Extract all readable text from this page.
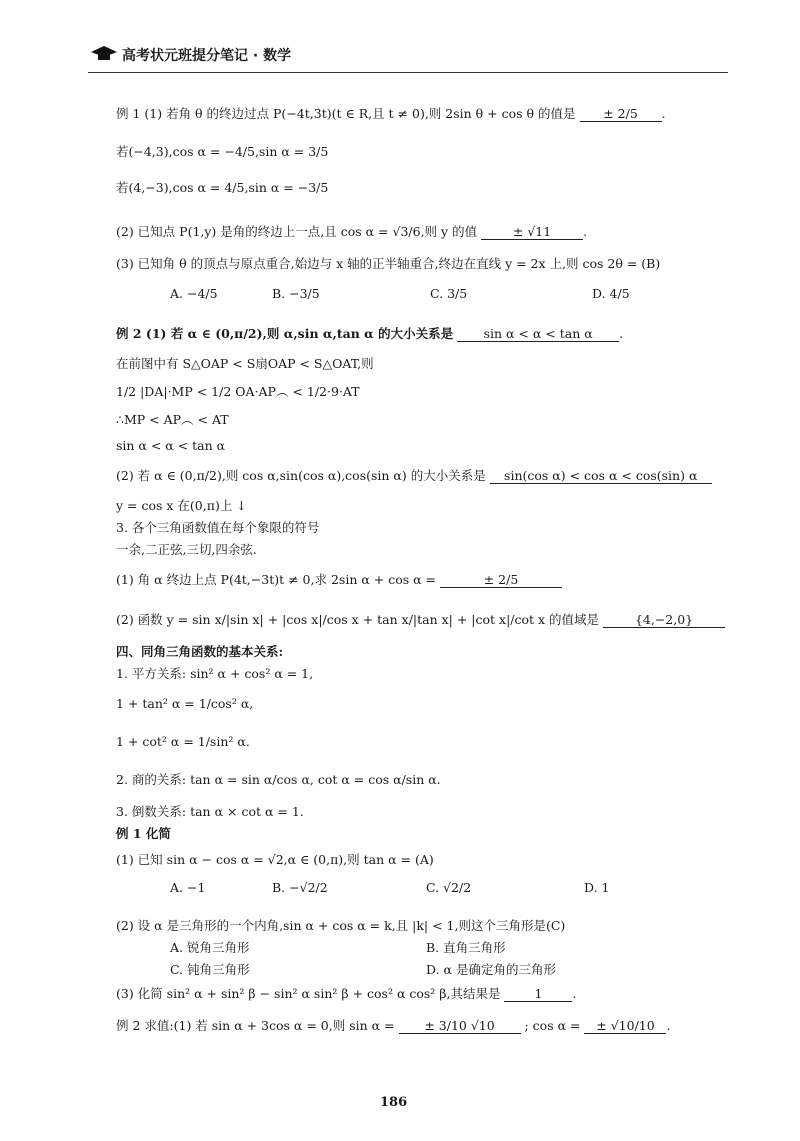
高考状元班提分笔记 · 数学
例 1 (1) 若角 θ 的终边过点 P(−4t,3t)(t ∈ R,且 t ≠ 0),则 2sin θ + cos θ 的值是 ± 2/5 .
若(−4,3),cos α = −4/5,sin α = 3/5
若(4,−3),cos α = 4/5,sin α = −3/5
(2) 已知点 P(1,y) 是角的终边上一点,且 cos α = √3/6,则 y 的值	± √11	.
(3) 已知角 θ 的顶点与原点重合,始边与 x 轴的正半轴重合,终边在直线 y = 2x 上,则 cos 2θ = (B)
A. −4/5	B. −3/5	C. 3/5	D. 4/5
例 2 (1) 若 α ∈ (0,π/2),则 α,sin α,tan α 的大小关系是 sin α < α < tan α .
在前图中有 S△OAP < S扇OAP < S△OAT,则
1/2 |DA|·MP < 1/2 OA·AP︵ < 1/2·9·AT
∴MP < AP︵ < AT
sin α < α < tan α
(2) 若 α ∈ (0,π/2),则 cos α,sin(cos α),cos(sin α) 的大小关系是 sin(cos α) < cos α < cos(sin) α
y = cos x 在(0,π)上 ↓
3. 各个三角函数值在每个象限的符号
一余,二正弦,三切,四余弦.
(1) 角 α 终边上点 P(4t,−3t)t ≠ 0,求 2sin α + cos α =	± 2/5
(2) 函数 y = sin x/|sin x| + |cos x|/cos x + tan x/|tan x| + |cot x|/cot x 的值域是	{4,−2,0}
四、同角三角函数的基本关系:
1. 平方关系: sin² α + cos² α = 1,
1 + tan² α = 1/cos² α,
1 + cot² α = 1/sin² α.
2. 商的关系: tan α = sin α/cos α, cot α = cos α/sin α.
3. 倒数关系: tan α × cot α = 1.
例 1 化简
(1) 已知 sin α − cos α = √2,α ∈ (0,π),则 tan α = (A)
A. −1	B. −√2/2	C. √2/2	D. 1
(2) 设 α 是三角形的一个内角,sin α + cos α = k,且 |k| < 1,则这个三角形是(C)
A. 锐角三角形	B. 直角三角形
C. 钝角三角形	D. α 是确定角的三角形
(3) 化简 sin² α + sin² β − sin² α sin² β + cos² α cos² β,其结果是	1 .
例 2 求值:(1) 若 sin α + 3cos α = 0,则 sin α = ± 3/10 √10 ; cos α = ± √10/10 .
186
